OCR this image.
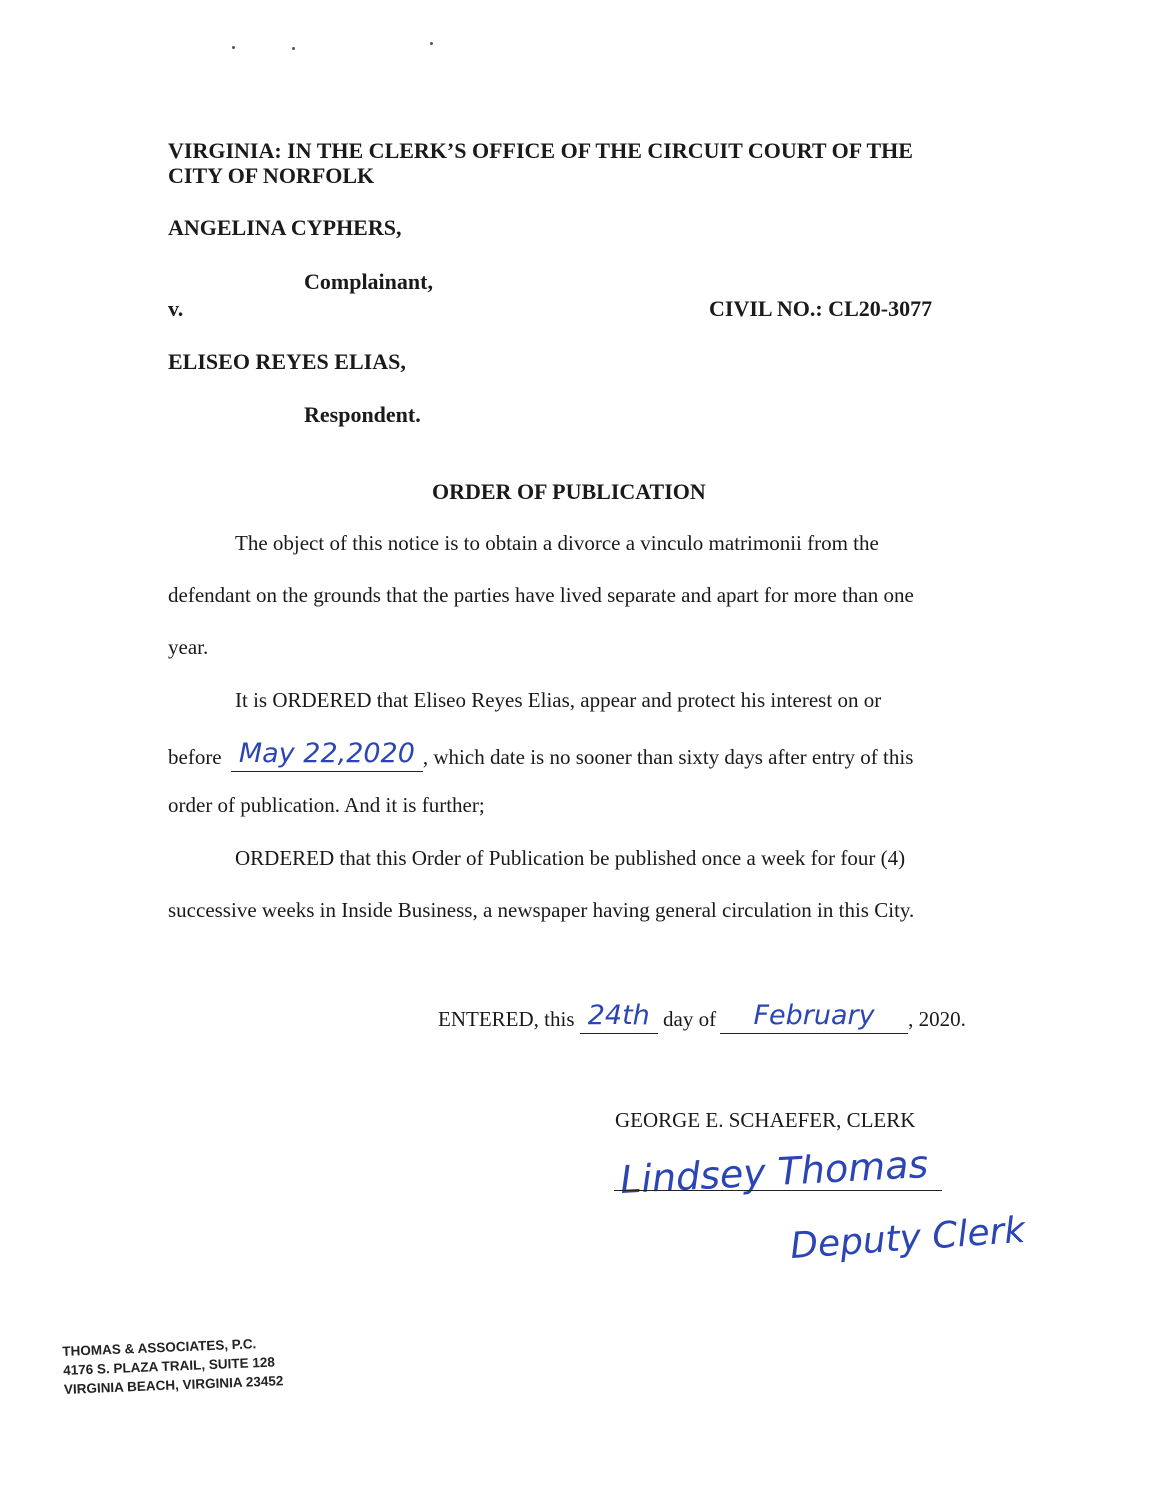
VIRGINIA: IN THE CLERK’S OFFICE OF THE CIRCUIT COURT OF THE
CITY OF NORFOLK
ANGELINA CYPHERS,
Complainant,
v.	CIVIL NO.: CL20-3077
ELISEO REYES ELIAS,
Respondent.
ORDER OF PUBLICATION
The object of this notice is to obtain a divorce a vinculo matrimonii from the
defendant on the grounds that the parties have lived separate and apart for more than one
year.
It is ORDERED that Eliseo Reyes Elias, appear and protect his interest on or
before May 22,2020 , which date is no sooner than sixty days after entry of this
order of publication. And it is further;
ORDERED that this Order of Publication be published once a week for four (4)
successive weeks in Inside Business, a newspaper having general circulation in this City.
ENTERED, this 24th day of February , 2020.
GEORGE E. SCHAEFER, CLERK
Lindsey Thomas
Deputy Clerk
THOMAS & ASSOCIATES, P.C.
4176 S. PLAZA TRAIL, SUITE 128
VIRGINIA BEACH, VIRGINIA 23452
